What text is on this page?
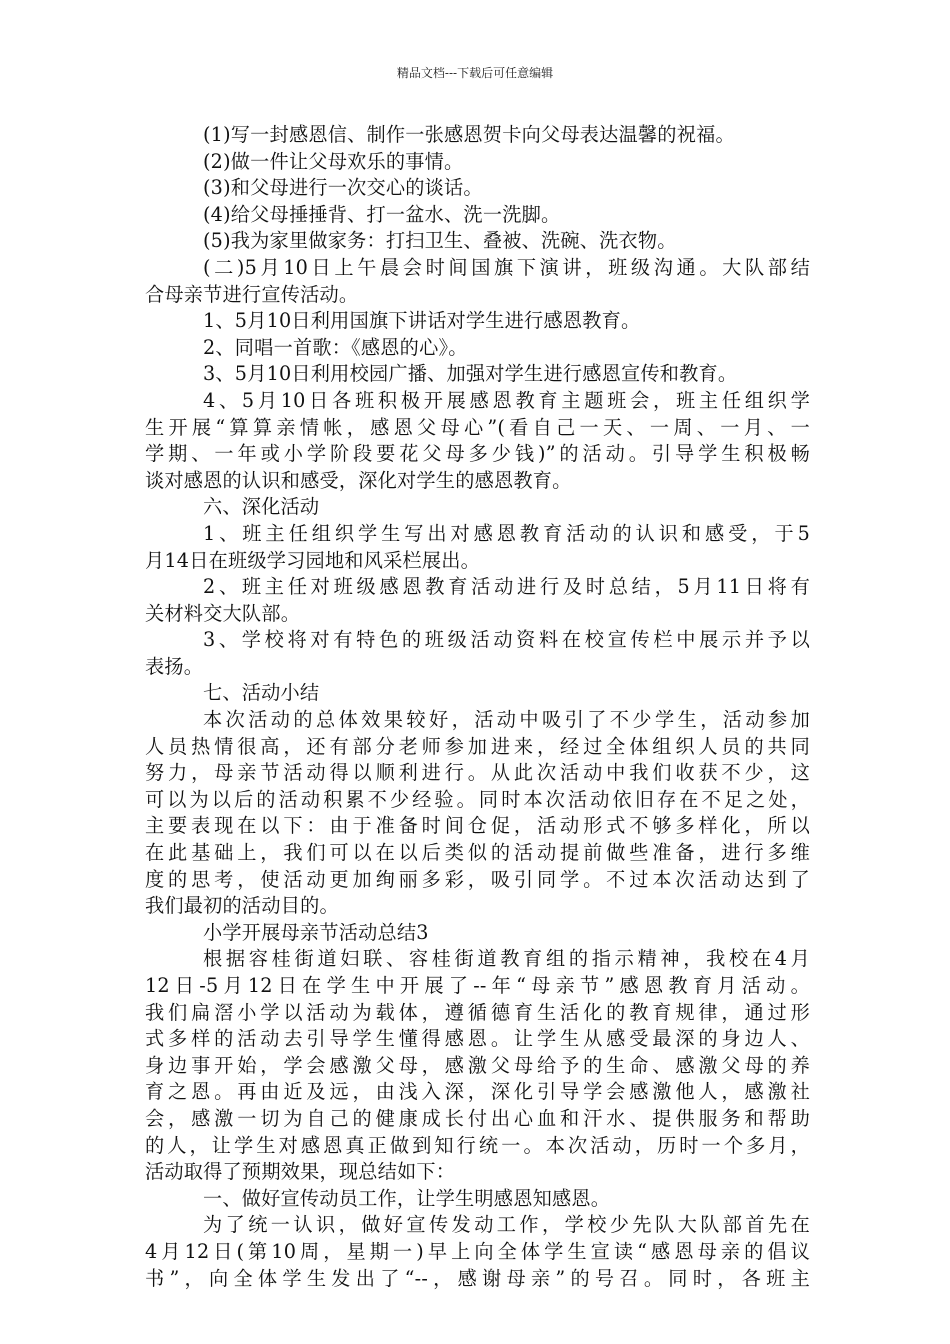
精品文档---下载后可任意编辑
(1)写一封感恩信、制作一张感恩贺卡向父母表达温馨的祝福。
(2)做一件让父母欢乐的事情。
(3)和父母进行一次交心的谈话。
(4)给父母捶捶背、打一盆水、洗一洗脚。
(5)我为家里做家务：打扫卫生、叠被、洗碗、洗衣物。
(二)5月10日上午晨会时间国旗下演讲，班级沟通。大队部结
合母亲节进行宣传活动。
1、5月10日利用国旗下讲话对学生进行感恩教育。
2、同唱一首歌：《感恩的心》。
3、5月10日利用校园广播、加强对学生进行感恩宣传和教育。
4、5月10日各班积极开展感恩教育主题班会，班主任组织学
生开展“算算亲情帐，感恩父母心”(看自己一天、一周、一月、一
学期、一年或小学阶段要花父母多少钱)”的活动。引导学生积极畅
谈对感恩的认识和感受，深化对学生的感恩教育。
六、深化活动
1、班主任组织学生写出对感恩教育活动的认识和感受，于5
月14日在班级学习园地和风采栏展出。
2、班主任对班级感恩教育活动进行及时总结，5月11日将有
关材料交大队部。
3、学校将对有特色的班级活动资料在校宣传栏中展示并予以
表扬。
七、活动小结
本次活动的总体效果较好，活动中吸引了不少学生，活动参加
人员热情很高，还有部分老师参加进来，经过全体组织人员的共同
努力，母亲节活动得以顺利进行。从此次活动中我们收获不少，这
可以为以后的活动积累不少经验。同时本次活动依旧存在不足之处，
主要表现在以下：由于准备时间仓促，活动形式不够多样化，所以
在此基础上，我们可以在以后类似的活动提前做些准备，进行多维
度的思考，使活动更加绚丽多彩，吸引同学。不过本次活动达到了
我们最初的活动目的。
小学开展母亲节活动总结3
根据容桂街道妇联、容桂街道教育组的指示精神，我校在4月
12日-5月12日在学生中开展了--年“母亲节”感恩教育月活动。
我们扁滘小学以活动为载体，遵循德育生活化的教育规律，通过形
式多样的活动去引导学生懂得感恩。让学生从感受最深的身边人、
身边事开始，学会感激父母，感激父母给予的生命、感激父母的养
育之恩。再由近及远，由浅入深，深化引导学会感激他人，感激社
会，感激一切为自己的健康成长付出心血和汗水、提供服务和帮助
的人，让学生对感恩真正做到知行统一。本次活动，历时一个多月，
活动取得了预期效果，现总结如下：
一、做好宣传动员工作，让学生明感恩知感恩。
为了统一认识，做好宣传发动工作，学校少先队大队部首先在
4月12日(第10周，星期一)早上向全体学生宣读“感恩母亲的倡议
书”，向全体学生发出了“--，感谢母亲”的号召。同时，各班主
